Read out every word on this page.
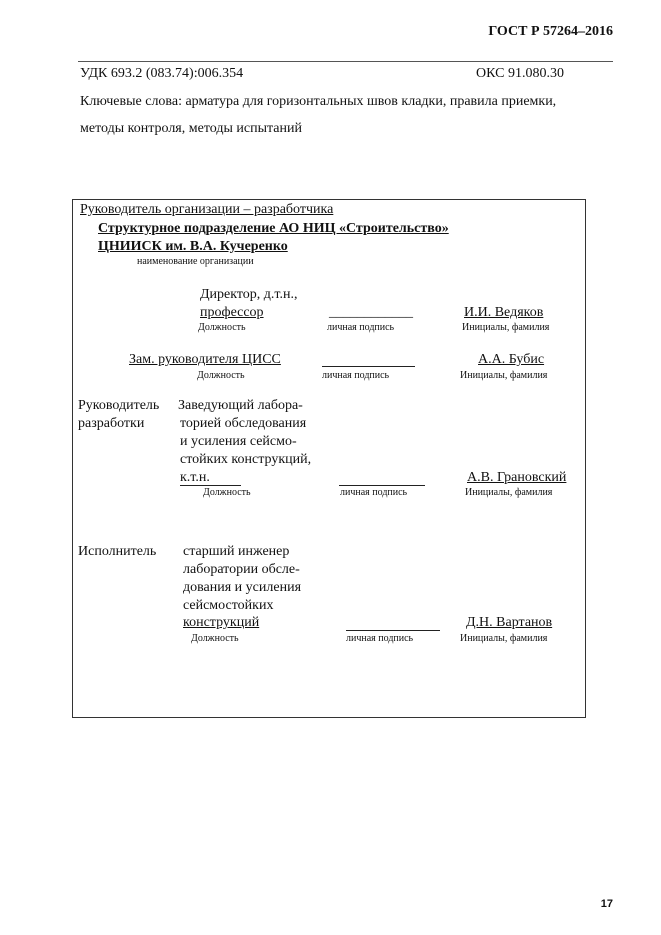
ГОСТ Р 57264–2016
УДК 693.2 (083.74):006.354	ОКС 91.080.30
Ключевые слова: арматура для горизонтальных швов кладки, правила приемки,
методы контроля, методы испытаний
Руководитель организации – разработчика
Структурное подразделение АО НИЦ «Строительство»
ЦНИИСК им. В.А. Кучеренко
наименование организации
Директор, д.т.н.,
профессор	____________	И.И. Ведяков
Должность	личная подпись	Инициалы, фамилия
Зам. руководителя ЦИСС	А.А. Бубис
Должность	личная подпись	Инициалы, фамилия
Руководитель
разработки
Заведующий лабора-
торией обследования
и усиления сейсмо-
стойких конструкций,
к.т.н.	А.В. Грановский
Должность	личная подпись	Инициалы, фамилия
Исполнитель старший инженер
лаборатории обсле-
дования и усиления
сейсмостойких
конструкций	Д.Н. Вартанов
Должность	личная подпись	Инициалы, фамилия
17
